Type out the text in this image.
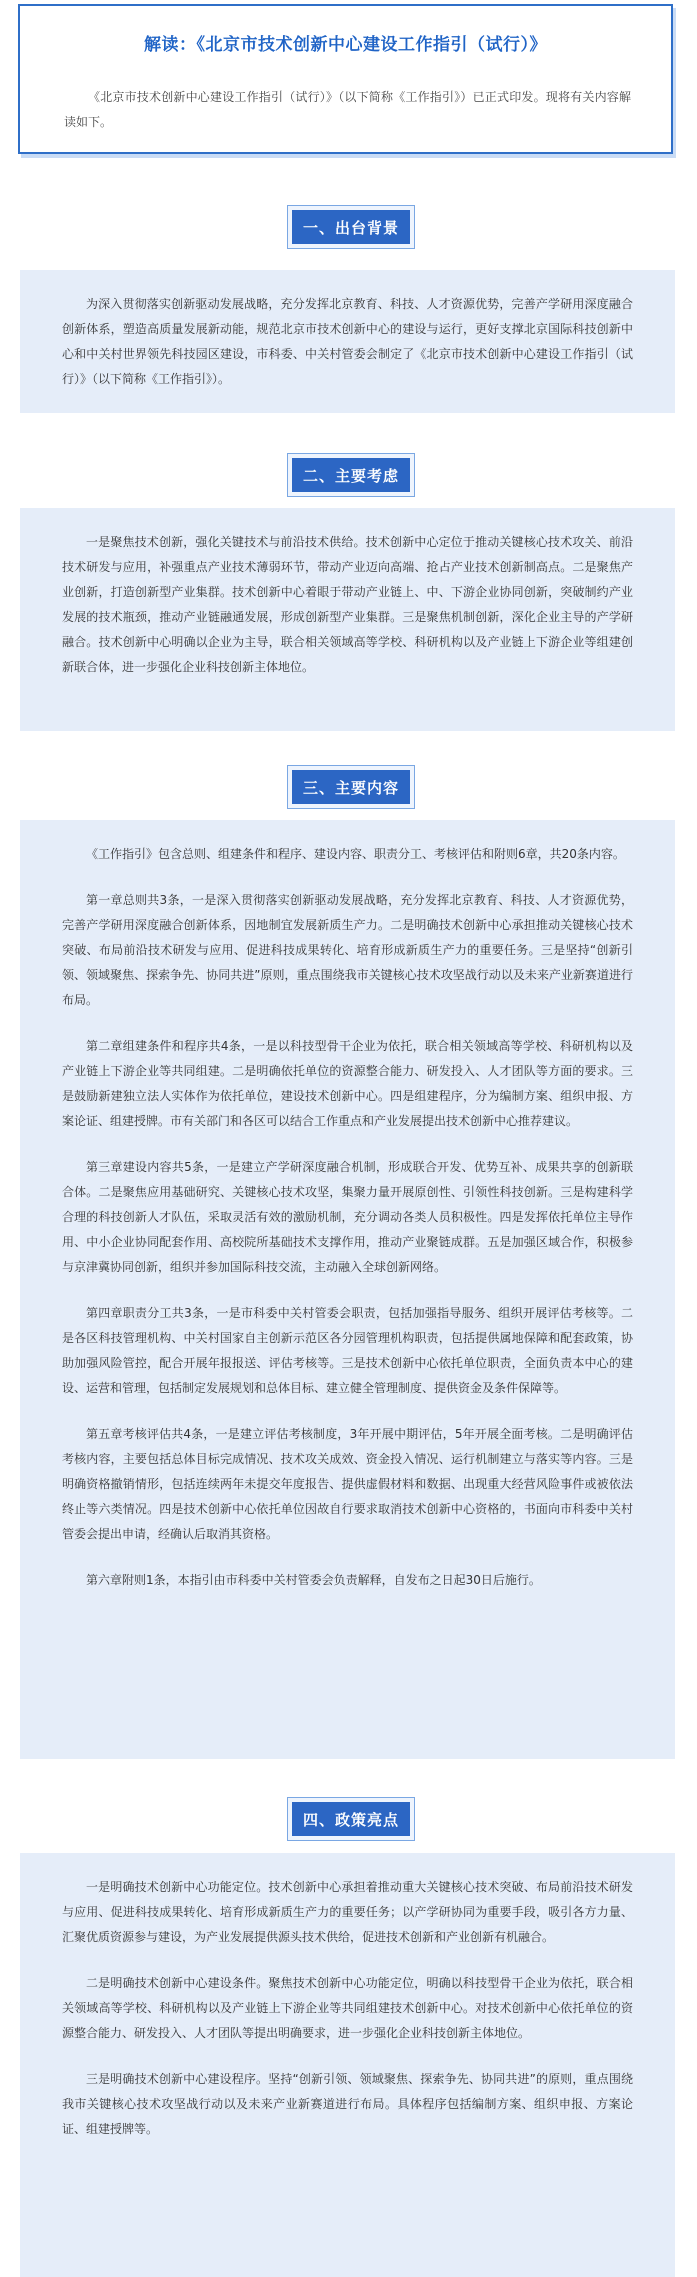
解读：《北京市技术创新中心建设工作指引（试行）》
《北京市技术创新中心建设工作指引（试行）》（以下简称《工作指引》）已正式印发。现将有关内容解读如下。
一、出台背景

为深入贯彻落实创新驱动发展战略，充分发挥北京教育、科技、人才资源优势，完善产学研用深度融合创新体系，塑造高质量发展新动能，规范北京市技术创新中心的建设与运行，更好支撑北京国际科技创新中心和中关村世界领先科技园区建设，市科委、中关村管委会制定了《北京市技术创新中心建设工作指引（试行）》（以下简称《工作指引》）。

二、主要考虑

一是聚焦技术创新，强化关键技术与前沿技术供给。技术创新中心定位于推动关键核心技术攻关、前沿技术研发与应用，补强重点产业技术薄弱环节，带动产业迈向高端、抢占产业技术创新制高点。二是聚焦产业创新，打造创新型产业集群。技术创新中心着眼于带动产业链上、中、下游企业协同创新，突破制约产业发展的技术瓶颈，推动产业链融通发展，形成创新型产业集群。三是聚焦机制创新，深化企业主导的产学研融合。技术创新中心明确以企业为主导，联合相关领域高等学校、科研机构以及产业链上下游企业等组建创新联合体，进一步强化企业科技创新主体地位。

三、主要内容

《工作指引》包含总则、组建条件和程序、建设内容、职责分工、考核评估和附则6章，共20条内容。

第一章总则共3条，一是深入贯彻落实创新驱动发展战略，充分发挥北京教育、科技、人才资源优势，完善产学研用深度融合创新体系，因地制宜发展新质生产力。二是明确技术创新中心承担推动关键核心技术突破、布局前沿技术研发与应用、促进科技成果转化、培育形成新质生产力的重要任务。三是坚持“创新引领、领域聚焦、探索争先、协同共进”原则，重点围绕我市关键核心技术攻坚战行动以及未来产业新赛道进行布局。

第二章组建条件和程序共4条，一是以科技型骨干企业为依托，联合相关领域高等学校、科研机构以及产业链上下游企业等共同组建。二是明确依托单位的资源整合能力、研发投入、人才团队等方面的要求。三是鼓励新建独立法人实体作为依托单位，建设技术创新中心。四是组建程序，分为编制方案、组织申报、方案论证、组建授牌。市有关部门和各区可以结合工作重点和产业发展提出技术创新中心推荐建议。

第三章建设内容共5条，一是建立产学研深度融合机制，形成联合开发、优势互补、成果共享的创新联合体。二是聚焦应用基础研究、关键核心技术攻坚，集聚力量开展原创性、引领性科技创新。三是构建科学合理的科技创新人才队伍，采取灵活有效的激励机制，充分调动各类人员积极性。四是发挥依托单位主导作用、中小企业协同配套作用、高校院所基础技术支撑作用，推动产业聚链成群。五是加强区域合作，积极参与京津冀协同创新，组织并参加国际科技交流，主动融入全球创新网络。

第四章职责分工共3条，一是市科委中关村管委会职责，包括加强指导服务、组织开展评估考核等。二是各区科技管理机构、中关村国家自主创新示范区各分园管理机构职责，包括提供属地保障和配套政策，协助加强风险管控，配合开展年报报送、评估考核等。三是技术创新中心依托单位职责，全面负责本中心的建设、运营和管理，包括制定发展规划和总体目标、建立健全管理制度、提供资金及条件保障等。

第五章考核评估共4条，一是建立评估考核制度，3年开展中期评估，5年开展全面考核。二是明确评估考核内容，主要包括总体目标完成情况、技术攻关成效、资金投入情况、运行机制建立与落实等内容。三是明确资格撤销情形，包括连续两年未提交年度报告、提供虚假材料和数据、出现重大经营风险事件或被依法终止等六类情况。四是技术创新中心依托单位因故自行要求取消技术创新中心资格的，书面向市科委中关村管委会提出申请，经确认后取消其资格。

第六章附则1条，本指引由市科委中关村管委会负责解释，自发布之日起30日后施行。

四、政策亮点

一是明确技术创新中心功能定位。技术创新中心承担着推动重大关键核心技术突破、布局前沿技术研发与应用、促进科技成果转化、培育形成新质生产力的重要任务；以产学研协同为重要手段，吸引各方力量、汇聚优质资源参与建设，为产业发展提供源头技术供给，促进技术创新和产业创新有机融合。

二是明确技术创新中心建设条件。聚焦技术创新中心功能定位，明确以科技型骨干企业为依托，联合相关领域高等学校、科研机构以及产业链上下游企业等共同组建技术创新中心。对技术创新中心依托单位的资源整合能力、研发投入、人才团队等提出明确要求，进一步强化企业科技创新主体地位。

三是明确技术创新中心建设程序。坚持“创新引领、领域聚焦、探索争先、协同共进”的原则，重点围绕我市关键核心技术攻坚战行动以及未来产业新赛道进行布局。具体程序包括编制方案、组织申报、方案论证、组建授牌等。
